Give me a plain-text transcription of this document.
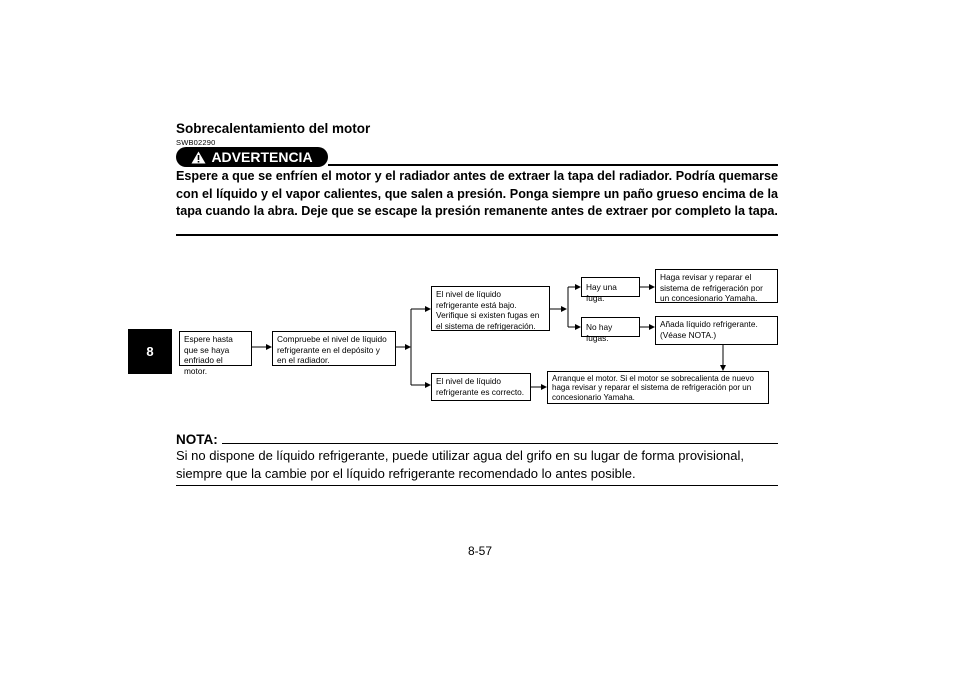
Sobrecalentamiento del motor
SWB02290
ADVERTENCIA
Espere a que se enfríen el motor y el radiador antes de extraer la tapa del radiador. Podría quemarse con el líquido y el vapor calientes, que salen a presión. Ponga siempre un paño grueso encima de la tapa cuando la abra. Deje que se escape la presión remanente antes de extraer por completo la tapa.
8
Espere hasta que se haya enfriado el motor.
Compruebe el nivel de líquido refrigerante en el depósito y en el radiador.
El nivel de líquido refrigerante está bajo. Verifique si existen fugas en el sistema de refrigeración.
El nivel de líquido refrigerante es correcto.
Hay una fuga.
No hay fugas.
Haga revisar y reparar el sistema de refrigeración por un concesionario Yamaha.
Añada líquido refrigerante. (Véase NOTA.)
Arranque el motor. Si el motor se sobrecalienta de nuevo haga revisar y reparar el sistema de refrigeración por un concesionario Yamaha.
NOTA:
Si no dispone de líquido refrigerante, puede utilizar agua del grifo en su lugar de forma provisional, siempre que la cambie por el líquido refrigerante recomendado lo antes posible.
8-57
